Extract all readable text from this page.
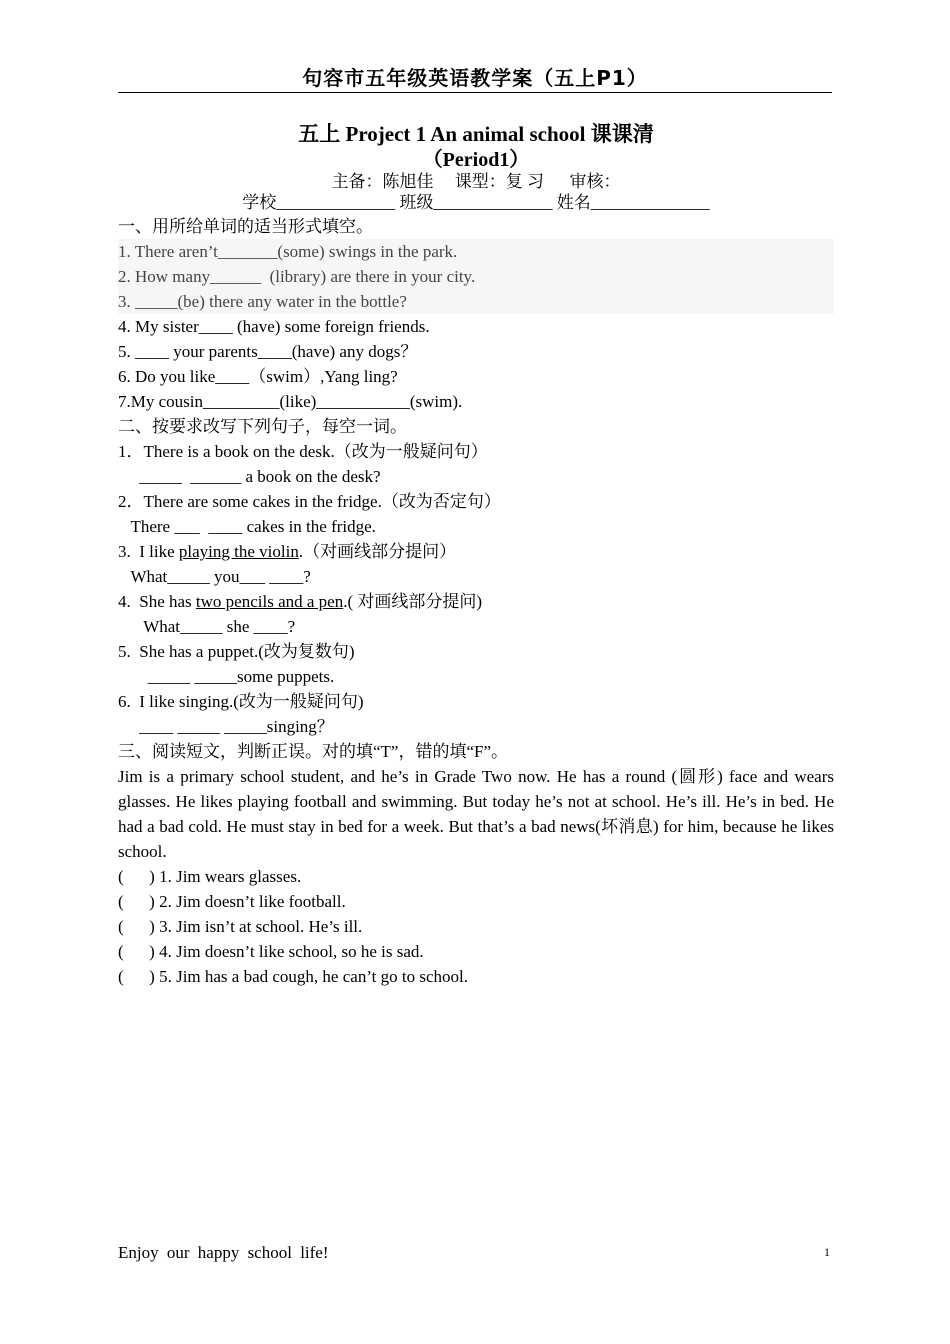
句容市五年级英语教学案（五上P1）
五上 Project 1 An animal school 课课清
（Period1）
主备：陈旭佳     课型：复 习      审核：
学校______________ 班级______________ 姓名______________
一、用所给单词的适当形式填空。
1. There aren’t_______(some) swings in the park.
2. How many______  (library) are there in your city.
3. _____(be) there any water in the bottle?
4. My sister____ (have) some foreign friends.
5. ____ your parents____(have) any dogs？
6. Do you like____（swim）,Yang ling?
7.My cousin_________(like)___________(swim).
二、按要求改写下列句子，每空一词。
1．There is a book on the desk.（改为一般疑问句）
_____  ______ a book on the desk?
2．There are some cakes in the fridge.（改为否定句）
There ___  ____ cakes in the fridge.
3.  I like playing the violin.（对画线部分提问）
What_____ you___ ____?
4.  She has two pencils and a pen.( 对画线部分提问)
What_____ she ____?
5.  She has a puppet.(改为复数句)
_____ _____some puppets.
6.  I like singing.(改为一般疑问句)
____ _____ _____singing？
三、阅读短文，判断正误。对的填“T”，错的填“F”。

Jim is a primary school student, and he’s in Grade Two now. He has a round (圆形) face and wears glasses. He likes playing football and swimming. But today he’s not at school. He’s ill. He’s in bed. He had a bad cold. He must stay in bed for a week. But that’s a bad news(坏消息) for him, because he likes school.

(      ) 1. Jim wears glasses.
(      ) 2. Jim doesn’t like football.
(      ) 3. Jim isn’t at school. He’s ill.
(      ) 4. Jim doesn’t like school, so he is sad.
(      ) 5. Jim has a bad cough, he can’t go to school.
Enjoy our happy school life!	1
